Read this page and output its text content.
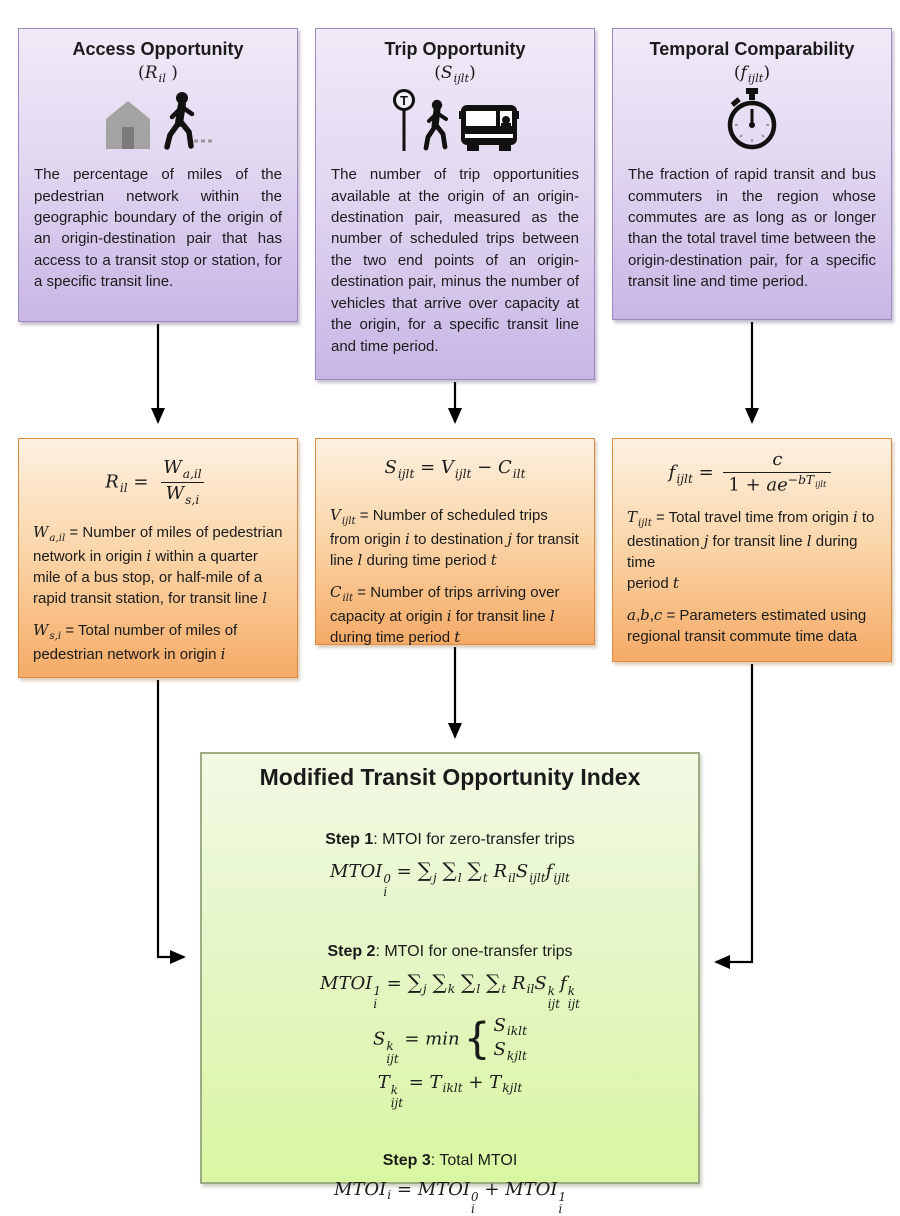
Access Opportunity
($R_{il}$ )
The percentage of miles of the pedestrian network within the geographic boundary of the origin of an origin-destination pair that has access to a transit stop or station, for a specific transit line.
Trip Opportunity
$(S_{ijlt})$
T
The number of trip opportunities available at the origin of an origin-destination pair, measured as the number of scheduled trips between the two end points of an origin-destination pair, minus the number of vehicles that arrive over capacity at the origin, for a specific transit line and time period.
Temporal Comparability
$(f_{ijlt})$
The fraction of rapid transit and bus commuters in the region whose commutes are as long as or longer than the total travel time between the origin-destination pair, for a specific transit line and time period.
$R_{il} = \frac{W_{a,il}}{W_{s,i}}$

$W_{a,il}$ = Number of miles of pedestrian network in origin i within a quarter mile of a bus stop, or half-mile of a rapid transit station, for transit line l

$W_{s,i}$ = Total number of miles of pedestrian network in origin i

$S_{ijlt} = V_{ijlt} - C_{ilt}$

$V_{ijlt}$ = Number of scheduled trips from origin i to destination j for transit line l during time period t

$C_{ilt}$ = Number of trips arriving over capacity at origin i for transit line l during time period t

$f_{ijlt} = \frac{c}{1 + ae^{-bT_{ijlt}}}$

$T_{ijlt}$ = Total travel time from origin i to destination j for transit line l during time
period t

a,b,c = Parameters estimated using regional transit commute time data

Modified Transit Opportunity Index
Step 1: MTOI for zero-transfer trips
MTOI 0
i
= $\sum_j$ $\sum_l$ $\sum_t$ $R_{il}S_{ijlt}f_{ijlt}$
Step 2: MTOI for one-transfer trips
MTOI 1
i
= $\sum_j$ $\sum_k$ $\sum_l$ $\sum_t$ $R_{il}S$ k
ijt
f k
ijt
S k
ijt
= min { $S_{iklt}$
$S_{kjlt}$
T k
ijt
= $T_{iklt} + T_{kjlt}$
Step 3: Total MTOI
$MTOI_i$ = MTOI 0
i
+ MTOI 1
i
